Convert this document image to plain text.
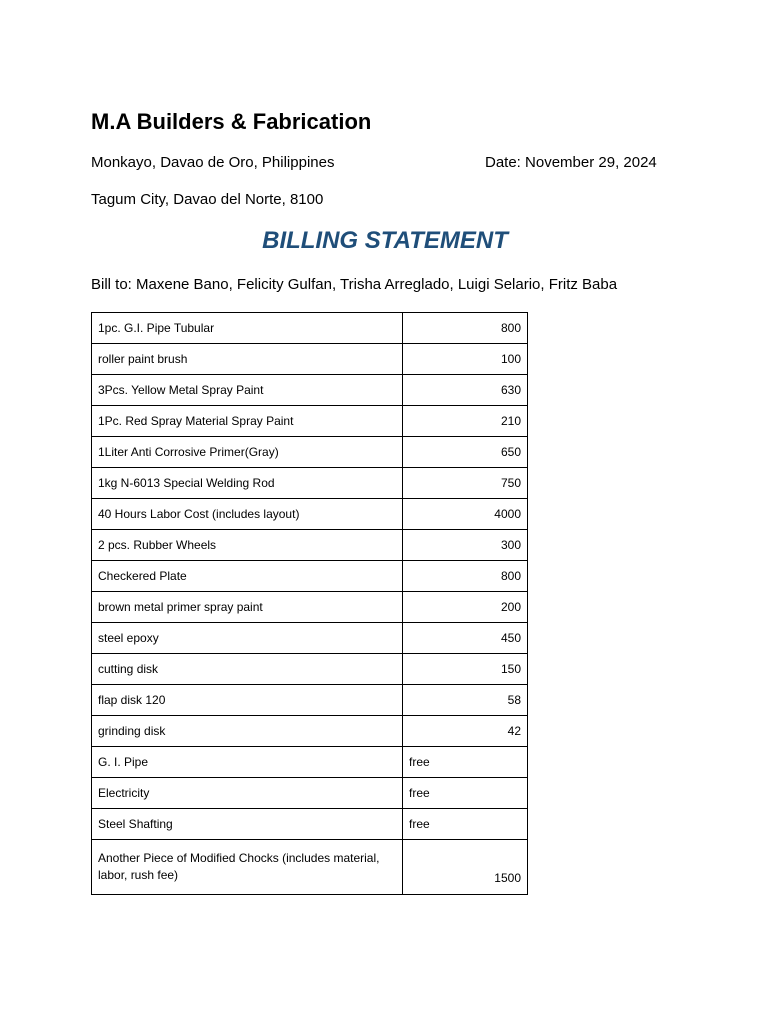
M.A Builders & Fabrication

Monkayo, Davao de Oro, Philippines	Date: November 29, 2024

Tagum City, Davao del Norte, 8100

BILLING STATEMENT

Bill to: Maxene Bano, Felicity Gulfan, Trisha Arreglado, Luigi Selario, Fritz Baba

1pc. G.I. Pipe Tubular	800
roller paint brush	100
3Pcs. Yellow Metal Spray Paint	630
1Pc. Red Spray Material Spray Paint	210
1Liter Anti Corrosive Primer(Gray)	650
1kg N-6013 Special Welding Rod	750
40 Hours Labor Cost (includes layout)	4000
2 pcs. Rubber Wheels	300
Checkered Plate	800
brown metal primer spray paint	200
steel epoxy	450
cutting disk	150
flap disk 120	58
grinding disk	42
G. I. Pipe	free
Electricity	free
Steel Shafting	free
Another Piece of Modified Chocks (includes material, labor, rush fee)	1500
